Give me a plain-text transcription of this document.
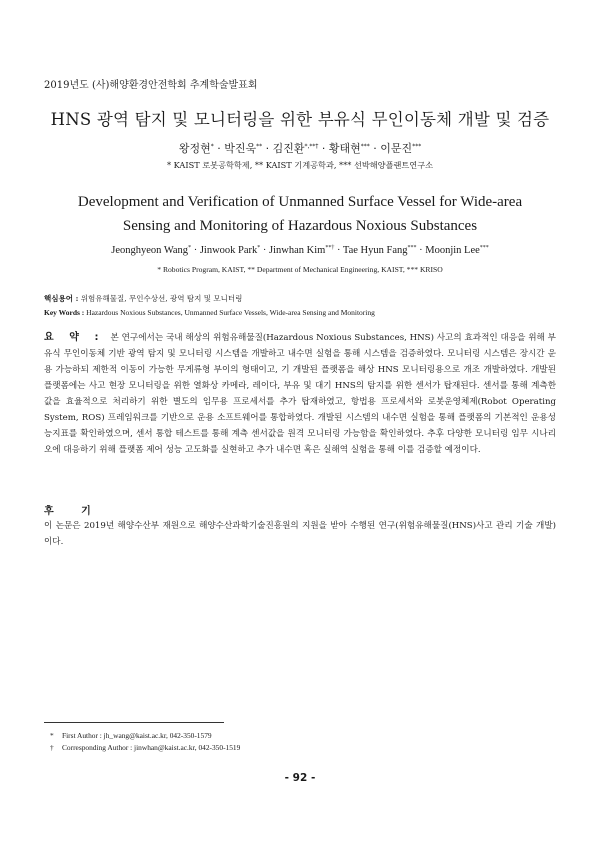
2019년도 (사)해양환경안전학회 추계학술발표회
HNS 광역 탐지 및 모니터링을 위한 부유식 무인이동체 개발 및 검증
왕정현* · 박진욱** · 김진환*,**† · 황태현*** · 이문진***
* KAIST 로봇공학학제, ** KAIST 기계공학과, *** 선박해양플랜트연구소
Development and Verification of Unmanned Surface Vessel for Wide-area
Sensing and Monitoring of Hazardous Noxious Substances
Jeonghyeon Wang* · Jinwook Park* · Jinwhan Kim**† · Tae Hyun Fang*** · Moonjin Lee***
* Robotics Program, KAIST, ** Department of Mechanical Engineering, KAIST, *** KRISO
핵심용어 : 위험유해물질, 무인수상선, 광역 탐지 및 모니터링
Key Words : Hazardous Noxious Substances, Unmanned Surface Vessels, Wide-area Sensing and Monitoring
요 약 : 본 연구에서는 국내 해상의 위험유해물질(Hazardous Noxious Substances, HNS) 사고의 효과적인 대응을 위해 부유식 무인이동체 기반 광역 탐지 및 모니터링 시스템을 개발하고 내수면 실험을 통해 시스템을 검증하였다. 모니터링 시스템은 장시간 운용 가능하되 제한적 이동이 가능한 무게류형 부이의 형태이고, 기 개발된 플랫폼을 해상 HNS 모니터링용으로 개조 개발하였다. 개발된 플랫폼에는 사고 현장 모니터링을 위한 열화상 카메라, 레이다, 부유 및 대기 HNS의 탐지를 위한 센서가 탑재된다. 센서를 통해 계측한 값을 효율적으로 처리하기 위한 별도의 임무용 프로세서를 추가 탑재하였고, 항법용 프로세서와 로봇운영체제(Robot Operating System, ROS) 프레임워크를 기반으로 운용 소프트웨어를 통합하였다. 개발된 시스템의 내수면 실험을 통해 플랫폼의 기본적인 운용성능지표를 확인하였으며, 센서 통합 테스트를 통해 계측 센서값을 원격 모니터링 가능함을 확인하였다. 추후 다양한 모니터링 임무 시나리오에 대응하기 위해 플랫폼 제어 성능 고도화를 실현하고 추가 내수면 혹은 실해역 실험을 통해 이를 검증할 예정이다.
후 기
이 논문은 2019년 해양수산부 재원으로 해양수산과학기술진흥원의 지원을 받아 수행된 연구(위험유해물질(HNS)사고 관리 기술 개발)이다.
* First Author : jh_wang@kaist.ac.kr, 042-350-1579
† Corresponding Author : jinwhan@kaist.ac.kr, 042-350-1519
- 92 -
